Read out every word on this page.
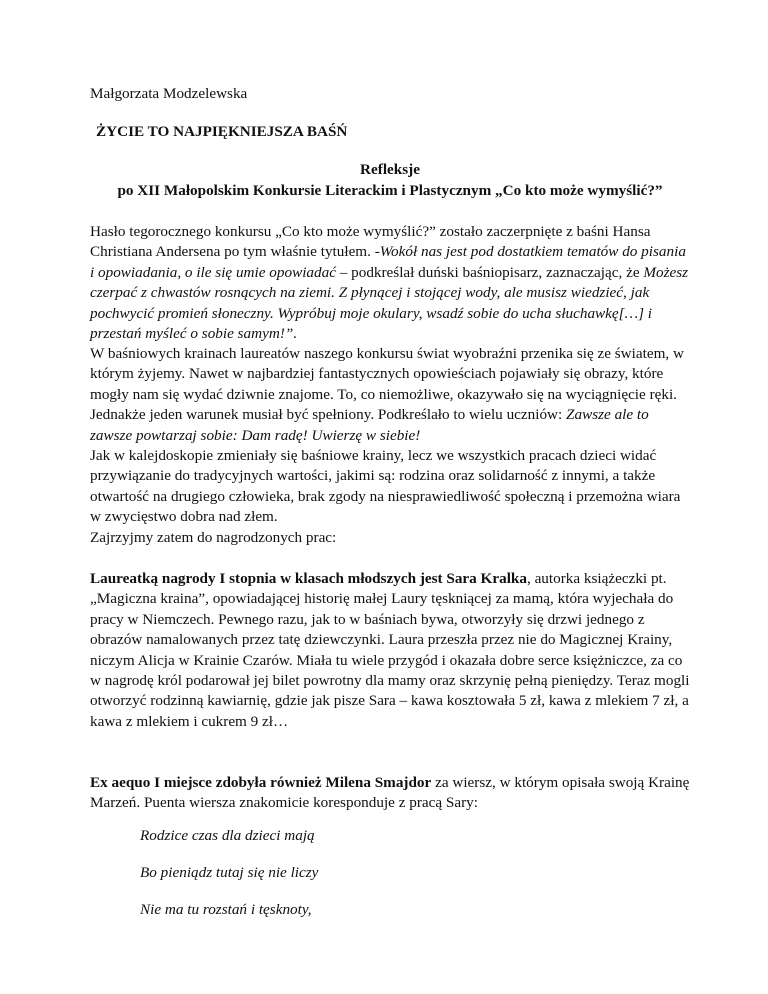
Małgorzata Modzelewska

ŻYCIE TO NAJPIĘKNIEJSZA BAŚŃ

Refleksje

po XII Małopolskim Konkursie Literackim i Plastycznym „Co kto może wymyślić?”

Hasło tegorocznego konkursu „Co kto może wymyślić?” zostało zaczerpnięte z baśni Hansa Christiana Andersena po tym właśnie tytułem. -Wokół nas jest pod dostatkiem tematów do pisania i opowiadania, o ile się umie opowiadać – podkreślał duński baśniopisarz, zaznaczając, że Możesz czerpać z chwastów rosnących na ziemi. Z płynącej i stojącej wody, ale musisz wiedzieć, jak pochwycić promień słoneczny. Wypróbuj moje okulary, wsadź sobie do ucha słuchawkę[…] i przestań myśleć o sobie samym!”.

W baśniowych krainach laureatów naszego konkursu świat wyobraźni przenika się ze światem, w którym żyjemy. Nawet w najbardziej fantastycznych opowieściach pojawiały się obrazy, które mogły nam się wydać dziwnie znajome. To, co niemożliwe, okazywało się na wyciągnięcie ręki. Jednakże jeden warunek musiał być spełniony. Podkreślało to wielu uczniów: Zawsze ale to zawsze powtarzaj sobie: Dam radę! Uwierzę w siebie!

Jak w kalejdoskopie zmieniały się baśniowe krainy, lecz we wszystkich pracach dzieci widać przywiązanie do tradycyjnych wartości, jakimi są: rodzina oraz solidarność z innymi, a także otwartość na drugiego człowieka, brak zgody na niesprawiedliwość społeczną i przemożna wiara w zwycięstwo dobra nad złem.

Zajrzyjmy zatem do nagrodzonych prac:

Laureatką nagrody I stopnia w klasach młodszych jest Sara Kralka, autorka książeczki pt. „Magiczna kraina”, opowiadającej historię małej Laury tęskniącej za mamą, która wyjechała do pracy w Niemczech. Pewnego razu, jak to w baśniach bywa, otworzyły się drzwi jednego z obrazów namalowanych przez tatę dziewczynki. Laura przeszła przez nie do Magicznej Krainy, niczym Alicja w Krainie Czarów. Miała tu wiele przygód i okazała dobre serce księżniczce, za co w nagrodę król podarował jej bilet powrotny dla mamy oraz skrzynię pełną pieniędzy. Teraz mogli otworzyć rodzinną kawiarnię, gdzie jak pisze Sara – kawa kosztowała 5 zł, kawa z mlekiem 7 zł, a kawa z mlekiem i cukrem 9 zł…

Ex aequo I miejsce zdobyła również Milena Smajdor za wiersz, w którym opisała swoją Krainę Marzeń. Puenta wiersza znakomicie koresponduje z pracą Sary:

Rodzice czas dla dzieci mają
Bo pieniądz tutaj się nie liczy
Nie ma tu rozstań i tęsknoty,
